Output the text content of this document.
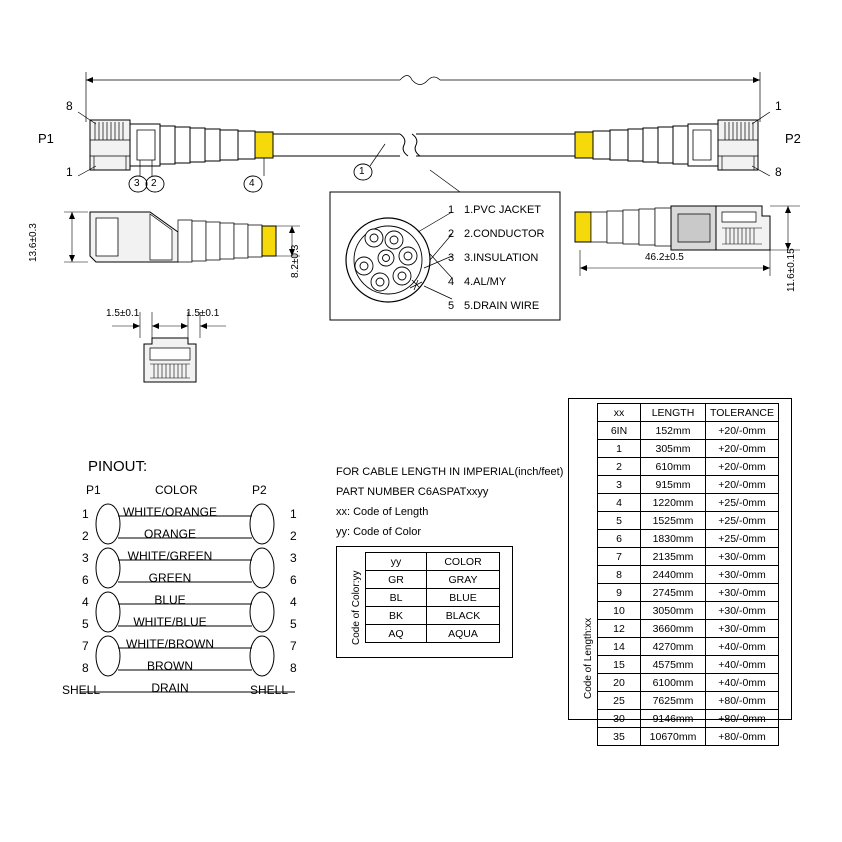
P1	P2
8
1
1
8
3 2	4
1
13.6±0.3	8.2±0.3
1.5±0.1	1.5±0.1
46.2±0.5	11.6±0.15
1 1.PVC JACKET
2 2.CONDUCTOR
3 3.INSULATION
4 4.AL/MY
5 5.DRAIN WIRE
PINOUT:
P1	COLOR	P2
1	WHITE/ORANGE	1
2	ORANGE	2
3	WHITE/GREEN	3
6	GREEN	6
4	BLUE	4
5	WHITE/BLUE	5
7	WHITE/BROWN	7
8	BROWN	8
SHELL	DRAIN	SHELL
FOR CABLE LENGTH IN IMPERIAL(inch/feet)
PART NUMBER C6ASPATxxyy
xx: Code of Length
yy: Code of Color
Code of Color:yy
yy	COLOR
GR	GRAY
BL	BLUE
BK	BLACK
AQ	AQUA	Code of Length:xx
xx	LENGTH	TOLERANCE
6IN	152mm	+20/-0mm
1	305mm	+20/-0mm
2	610mm	+20/-0mm
3	915mm	+20/-0mm
4	1220mm	+25/-0mm
5	1525mm	+25/-0mm
6	1830mm	+25/-0mm
7	2135mm	+30/-0mm
8	2440mm	+30/-0mm
9	2745mm	+30/-0mm
10	3050mm	+30/-0mm
12	3660mm	+30/-0mm
14	4270mm	+40/-0mm
15	4575mm	+40/-0mm
20	6100mm	+40/-0mm
25	7625mm	+80/-0mm
30	9146mm	+80/-0mm
35	10670mm	+80/-0mm
